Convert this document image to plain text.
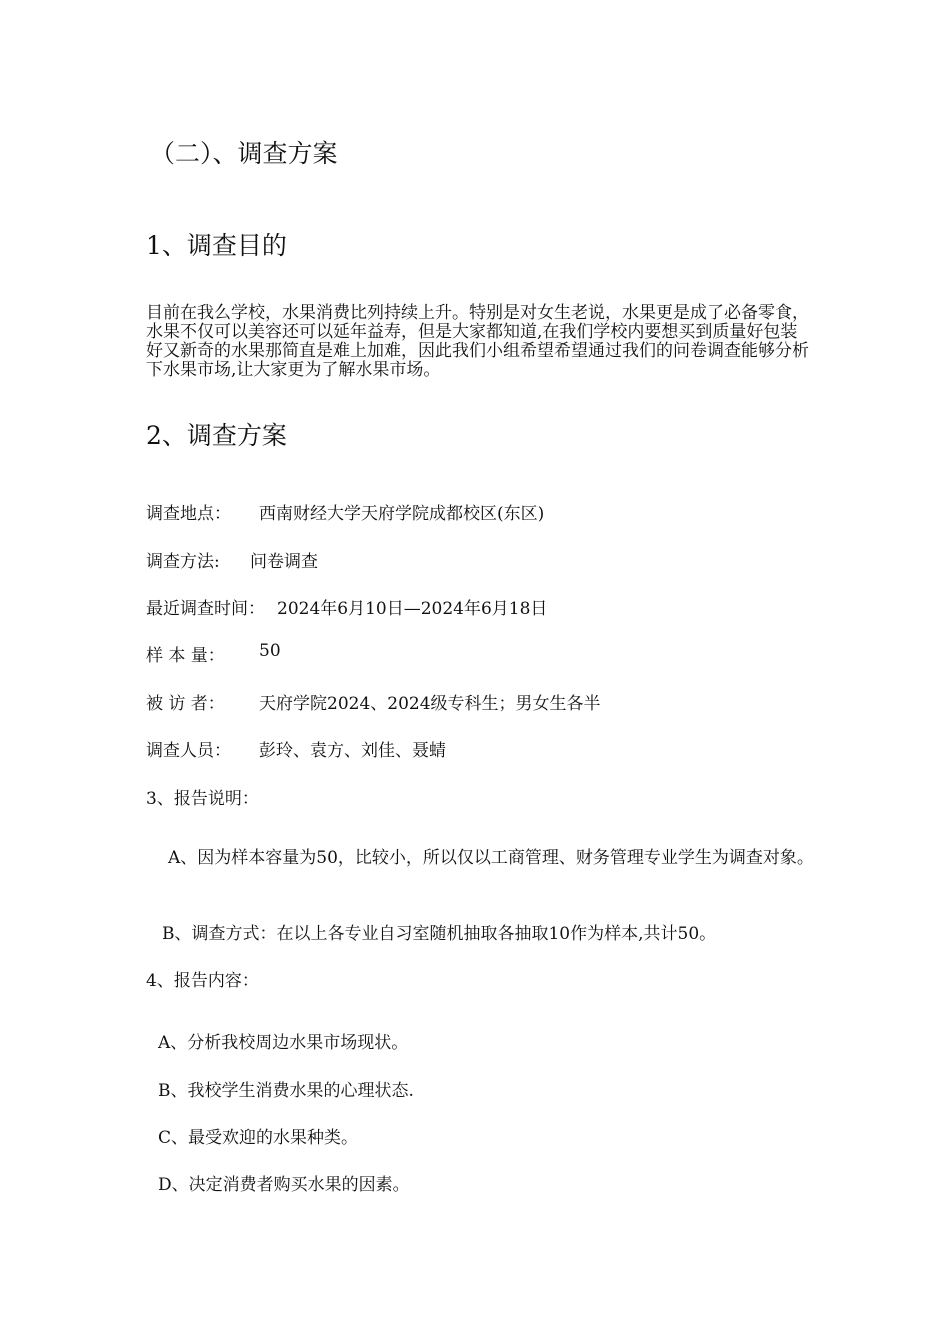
（二）、调查方案
1、调查目的
目前在我么学校，水果消费比列持续上升。特别是对女生老说，水果更是成了必备零食，水果不仅可以美容还可以延年益寿，但是大家都知道,在我们学校内要想买到质量好包装好又新奇的水果那简直是难上加难，因此我们小组希望希望通过我们的问卷调查能够分析下水果市场,让大家更为了解水果市场。
2、调查方案
调查地点： 西南财经大学天府学院成都校区(东区)
调查方法: 问卷调查
最近调查时间： 2024年6月10日—2024年6月18日
样 本 量： 50
被 访 者： 天府学院2024、2024级专科生；男女生各半
调查人员： 彭玲、袁方、刘佳、聂蜻
3、报告说明：
A、因为样本容量为50，比较小，所以仅以工商管理、财务管理专业学生为调查对象。
B、调查方式：在以上各专业自习室随机抽取各抽取10作为样本,共计50。
4、报告内容：
A、分析我校周边水果市场现状。
B、我校学生消费水果的心理状态.
C、最受欢迎的水果种类。
D、决定消费者购买水果的因素。
